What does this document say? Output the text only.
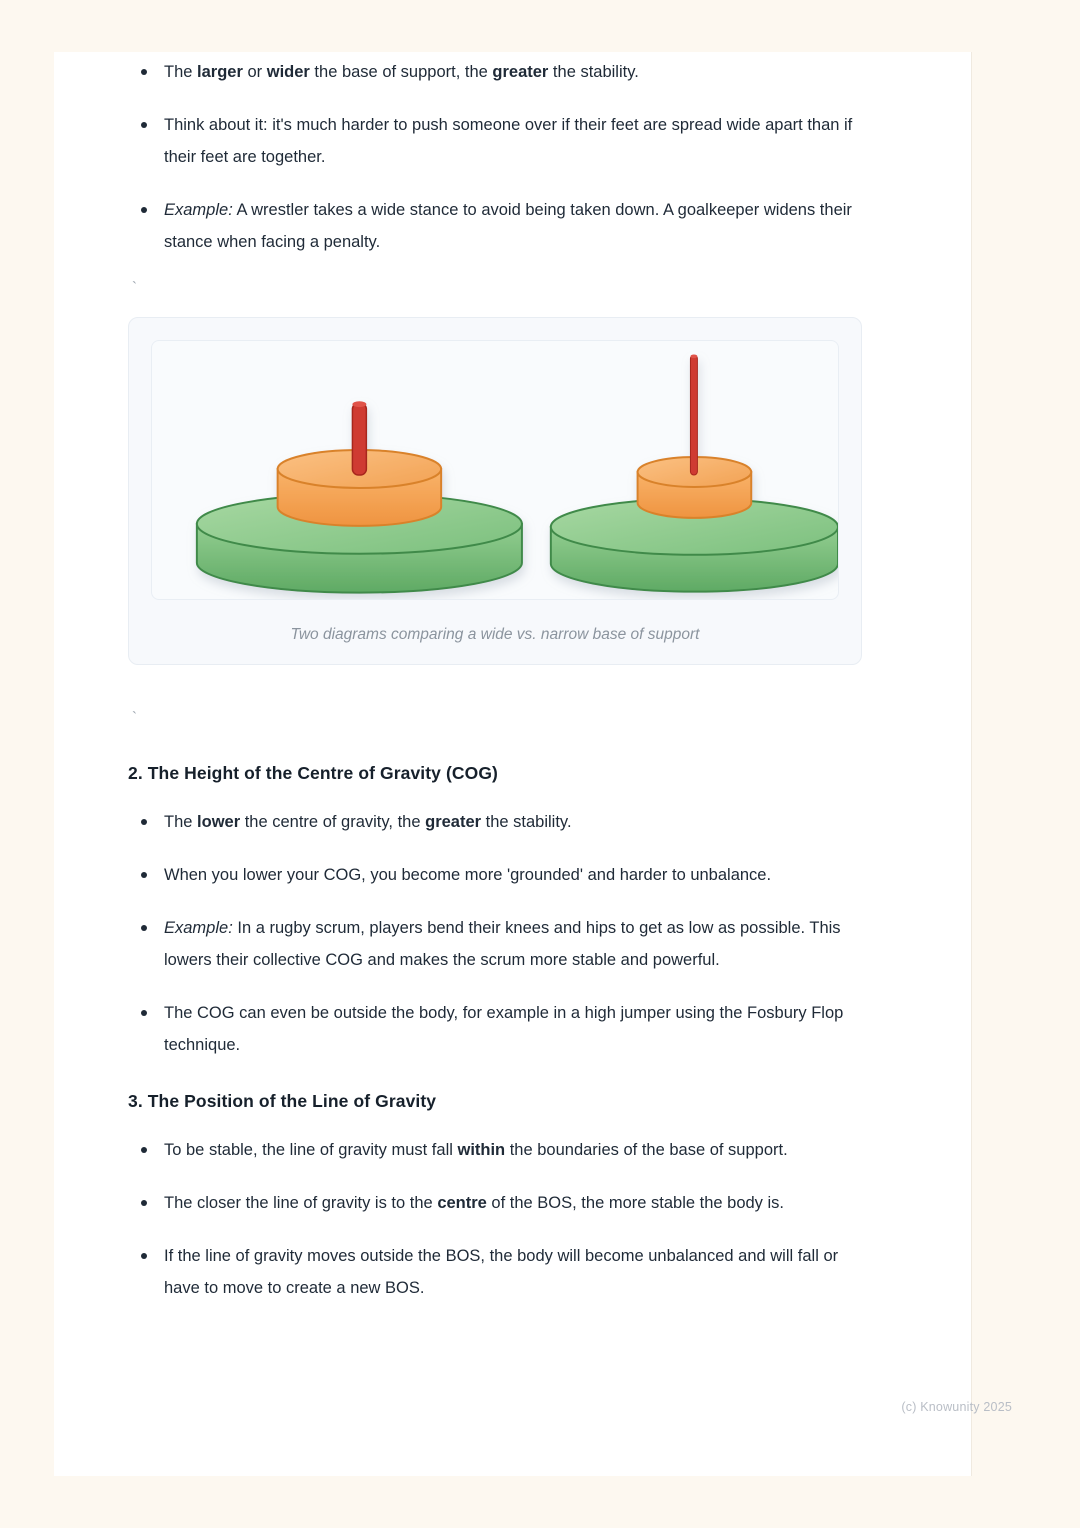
The larger or wider the base of support, the greater the stability.
Think about it: it's much harder to push someone over if their feet are spread wide apart than if their feet are together.
Example: A wrestler takes a wide stance to avoid being taken down. A goalkeeper widens their stance when facing a penalty.
`
Two diagrams comparing a wide vs. narrow base of support
`
2. The Height of the Centre of Gravity (COG)
The lower the centre of gravity, the greater the stability.
When you lower your COG, you become more 'grounded' and harder to unbalance.
Example: In a rugby scrum, players bend their knees and hips to get as low as possible. This lowers their collective COG and makes the scrum more stable and powerful.
The COG can even be outside the body, for example in a high jumper using the Fosbury Flop technique.
3. The Position of the Line of Gravity
To be stable, the line of gravity must fall within the boundaries of the base of support.
The closer the line of gravity is to the centre of the BOS, the more stable the body is.
If the line of gravity moves outside the BOS, the body will become unbalanced and will fall or have to move to create a new BOS.
(c) Knowunity 2025
